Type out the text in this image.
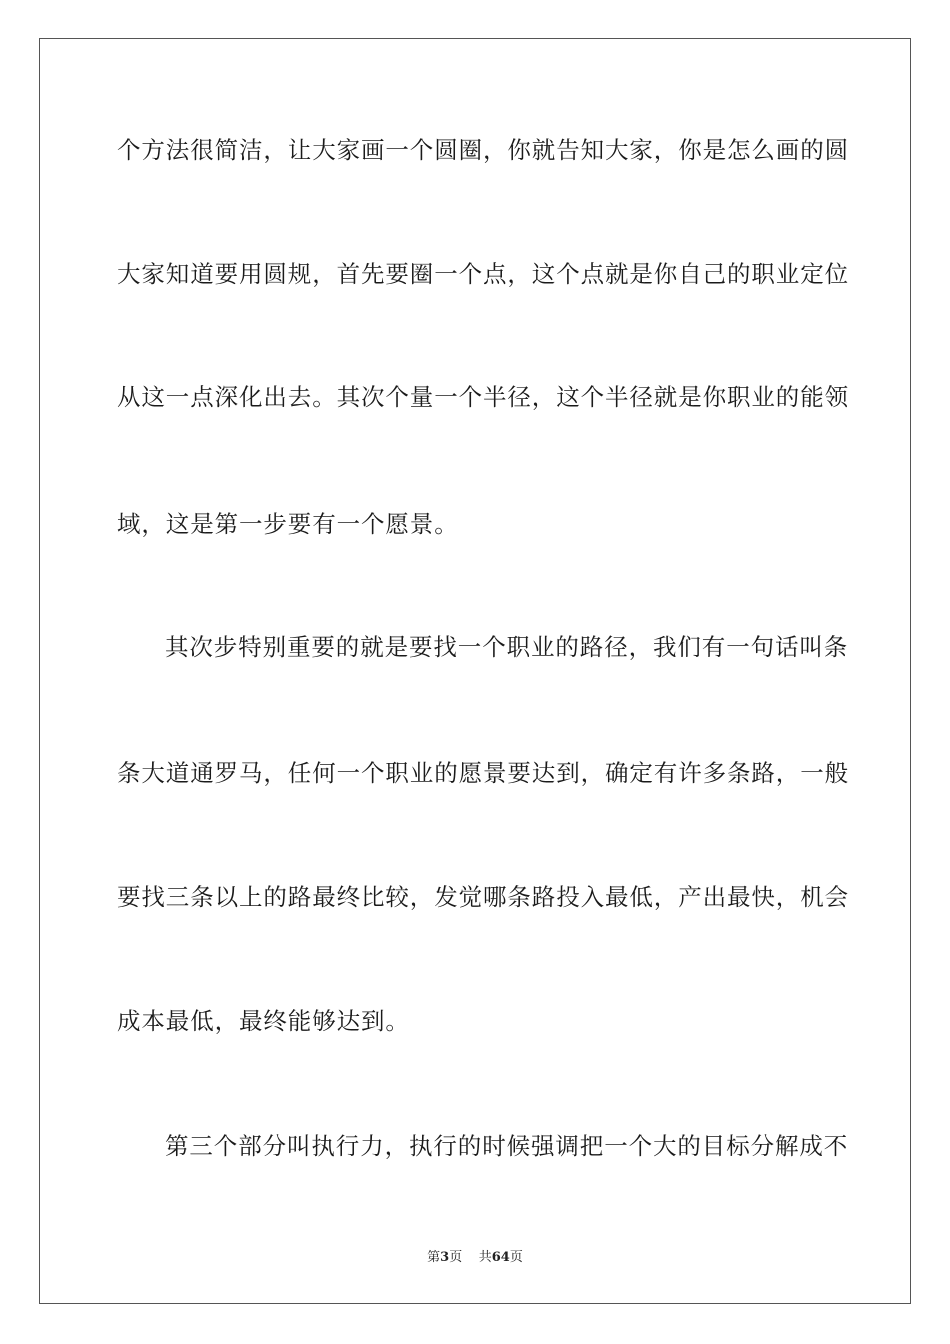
个方法很简洁，让大家画一个圆圈，你就告知大家，你是怎么画的圆
大家知道要用圆规，首先要圈一个点，这个点就是你自己的职业定位
从这一点深化出去。其次个量一个半径，这个半径就是你职业的能领
域，这是第一步要有一个愿景。
其次步特别重要的就是要找一个职业的路径，我们有一句话叫条
条大道通罗马，任何一个职业的愿景要达到，确定有许多条路，一般
要找三条以上的路最终比较，发觉哪条路投入最低，产出最快，机会
成本最低，最终能够达到。
第三个部分叫执行力，执行的时候强调把一个大的目标分解成不
第3页 共64页
